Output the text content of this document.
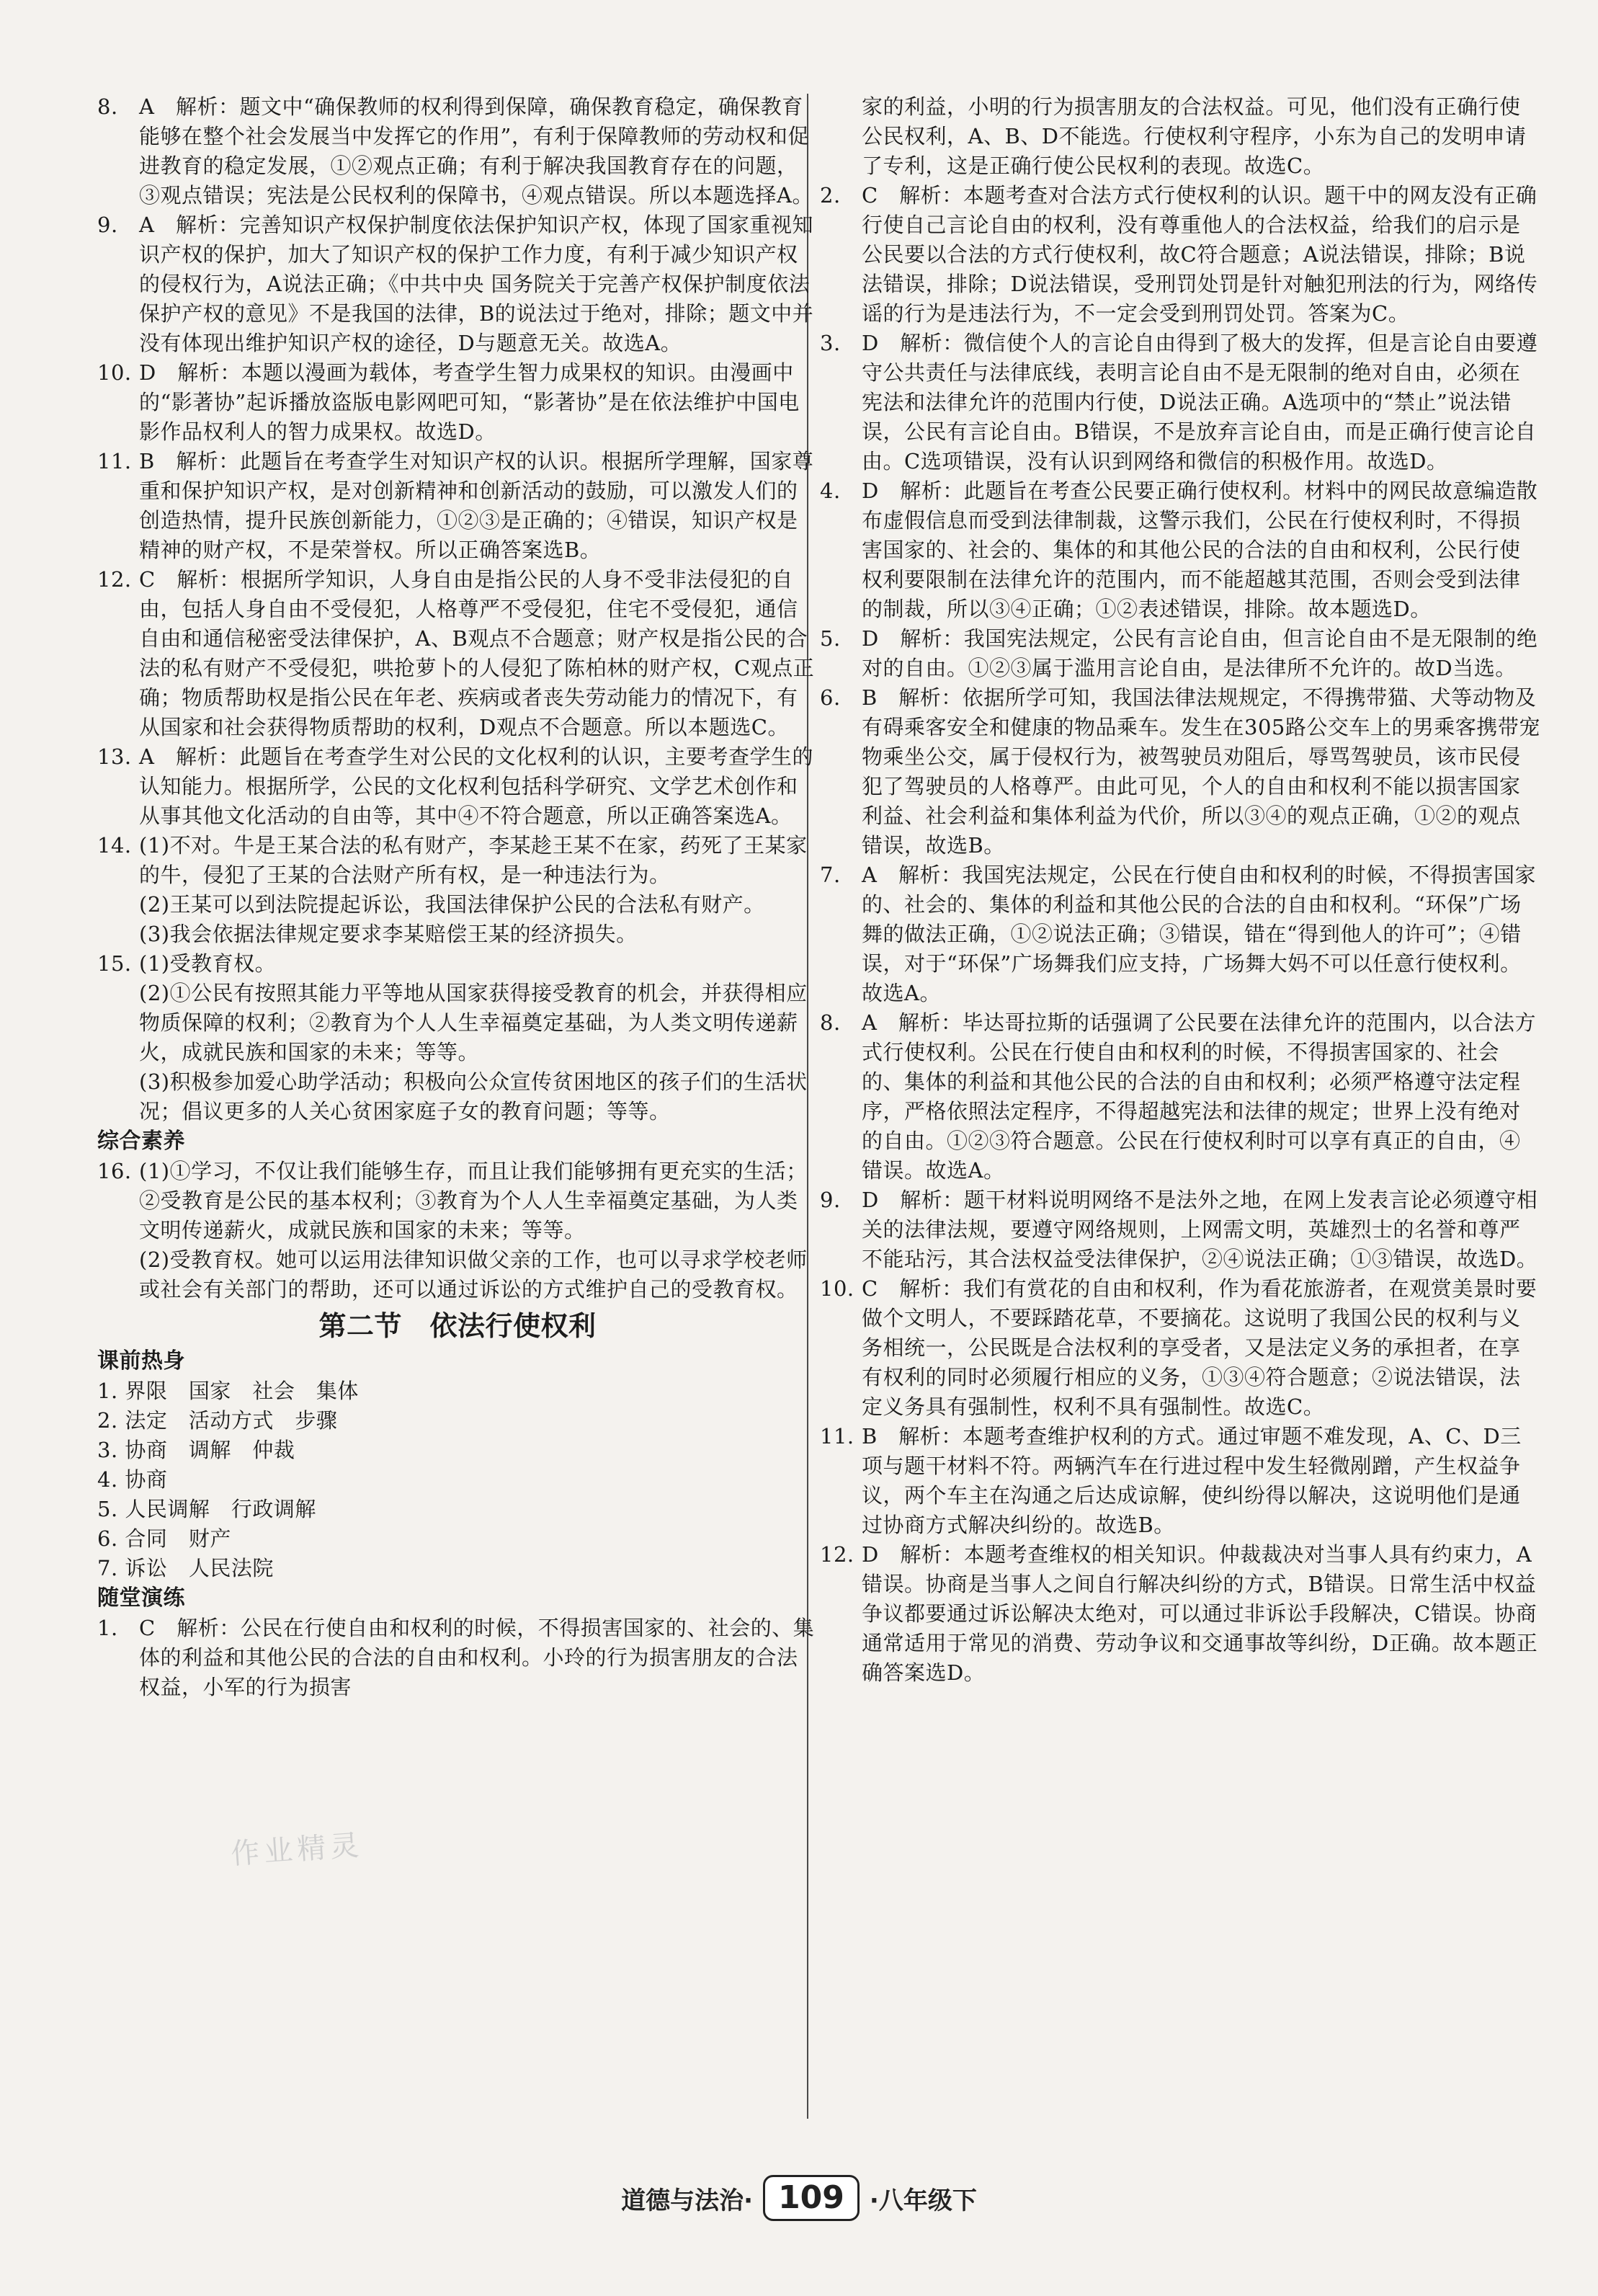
8. A　解析：题文中“确保教师的权利得到保障，确保教育稳定，确保教育能够在整个社会发展当中发挥它的作用”，有利于保障教师的劳动权和促进教育的稳定发展，①②观点正确；有利于解决我国教育存在的问题，③观点错误；宪法是公民权利的保障书，④观点错误。所以本题选择A。

9. A　解析：完善知识产权保护制度依法保护知识产权，体现了国家重视知识产权的保护，加大了知识产权的保护工作力度，有利于减少知识产权的侵权行为，A说法正确；《中共中央 国务院关于完善产权保护制度依法保护产权的意见》不是我国的法律，B的说法过于绝对，排除；题文中并没有体现出维护知识产权的途径，D与题意无关。故选A。

10. D　解析：本题以漫画为载体，考查学生智力成果权的知识。由漫画中的“影著协”起诉播放盗版电影网吧可知，“影著协”是在依法维护中国电影作品权利人的智力成果权。故选D。

11. B　解析：此题旨在考查学生对知识产权的认识。根据所学理解，国家尊重和保护知识产权，是对创新精神和创新活动的鼓励，可以激发人们的创造热情，提升民族创新能力，①②③是正确的；④错误，知识产权是精神的财产权，不是荣誉权。所以正确答案选B。

12. C　解析：根据所学知识，人身自由是指公民的人身不受非法侵犯的自由，包括人身自由不受侵犯，人格尊严不受侵犯，住宅不受侵犯，通信自由和通信秘密受法律保护，A、B观点不合题意；财产权是指公民的合法的私有财产不受侵犯，哄抢萝卜的人侵犯了陈柏林的财产权，C观点正确；物质帮助权是指公民在年老、疾病或者丧失劳动能力的情况下，有从国家和社会获得物质帮助的权利，D观点不合题意。所以本题选C。

13. A　解析：此题旨在考查学生对公民的文化权利的认识，主要考查学生的认知能力。根据所学，公民的文化权利包括科学研究、文学艺术创作和从事其他文化活动的自由等，其中④不符合题意，所以正确答案选A。

14. (1)不对。牛是王某合法的私有财产，李某趁王某不在家，药死了王某家的牛，侵犯了王某的合法财产所有权，是一种违法行为。

(2)王某可以到法院提起诉讼，我国法律保护公民的合法私有财产。

(3)我会依据法律规定要求李某赔偿王某的经济损失。

15. (1)受教育权。

(2)①公民有按照其能力平等地从国家获得接受教育的机会，并获得相应物质保障的权利；②教育为个人人生幸福奠定基础，为人类文明传递薪火，成就民族和国家的未来；等等。

(3)积极参加爱心助学活动；积极向公众宣传贫困地区的孩子们的生活状况；倡议更多的人关心贫困家庭子女的教育问题；等等。

综合素养

16. (1)①学习，不仅让我们能够生存，而且让我们能够拥有更充实的生活；②受教育是公民的基本权利；③教育为个人人生幸福奠定基础，为人类文明传递薪火，成就民族和国家的未来；等等。

(2)受教育权。她可以运用法律知识做父亲的工作，也可以寻求学校老师或社会有关部门的帮助，还可以通过诉讼的方式维护自己的受教育权。

第二节　依法行使权利

课前热身

1. 界限　国家　社会　集体

2. 法定　活动方式　步骤

3. 协商　调解　仲裁

4. 协商

5. 人民调解　行政调解

6. 合同　财产

7. 诉讼　人民法院

随堂演练

1. C　解析：公民在行使自由和权利的时候，不得损害国家的、社会的、集体的利益和其他公民的合法的自由和权利。小玲的行为损害朋友的合法权益，小军的行为损害

家的利益，小明的行为损害朋友的合法权益。可见，他们没有正确行使公民权利，A、B、D不能选。行使权利守程序，小东为自己的发明申请了专利，这是正确行使公民权利的表现。故选C。

2. C　解析：本题考查对合法方式行使权利的认识。题干中的网友没有正确行使自己言论自由的权利，没有尊重他人的合法权益，给我们的启示是公民要以合法的方式行使权利，故C符合题意；A说法错误，排除；B说法错误，排除；D说法错误，受刑罚处罚是针对触犯刑法的行为，网络传谣的行为是违法行为，不一定会受到刑罚处罚。答案为C。

3. D　解析：微信使个人的言论自由得到了极大的发挥，但是言论自由要遵守公共责任与法律底线，表明言论自由不是无限制的绝对自由，必须在宪法和法律允许的范围内行使，D说法正确。A选项中的“禁止”说法错误，公民有言论自由。B错误，不是放弃言论自由，而是正确行使言论自由。C选项错误，没有认识到网络和微信的积极作用。故选D。

4. D　解析：此题旨在考查公民要正确行使权利。材料中的网民故意编造散布虚假信息而受到法律制裁，这警示我们，公民在行使权利时，不得损害国家的、社会的、集体的和其他公民的合法的自由和权利，公民行使权利要限制在法律允许的范围内，而不能超越其范围，否则会受到法律的制裁，所以③④正确；①②表述错误，排除。故本题选D。

5. D　解析：我国宪法规定，公民有言论自由，但言论自由不是无限制的绝对的自由。①②③属于滥用言论自由，是法律所不允许的。故D当选。

6. B　解析：依据所学可知，我国法律法规规定，不得携带猫、犬等动物及有碍乘客安全和健康的物品乘车。发生在305路公交车上的男乘客携带宠物乘坐公交，属于侵权行为，被驾驶员劝阻后，辱骂驾驶员，该市民侵犯了驾驶员的人格尊严。由此可见，个人的自由和权利不能以损害国家利益、社会利益和集体利益为代价，所以③④的观点正确，①②的观点错误，故选B。

7. A　解析：我国宪法规定，公民在行使自由和权利的时候，不得损害国家的、社会的、集体的利益和其他公民的合法的自由和权利。“环保”广场舞的做法正确，①②说法正确；③错误，错在“得到他人的许可”；④错误，对于“环保”广场舞我们应支持，广场舞大妈不可以任意行使权利。故选A。

8. A　解析：毕达哥拉斯的话强调了公民要在法律允许的范围内，以合法方式行使权利。公民在行使自由和权利的时候，不得损害国家的、社会的、集体的利益和其他公民的合法的自由和权利；必须严格遵守法定程序，严格依照法定程序，不得超越宪法和法律的规定；世界上没有绝对的自由。①②③符合题意。公民在行使权利时可以享有真正的自由，④错误。故选A。

9. D　解析：题干材料说明网络不是法外之地，在网上发表言论必须遵守相关的法律法规，要遵守网络规则，上网需文明，英雄烈士的名誉和尊严不能玷污，其合法权益受法律保护，②④说法正确；①③错误，故选D。

10. C　解析：我们有赏花的自由和权利，作为看花旅游者，在观赏美景时要做个文明人，不要踩踏花草，不要摘花。这说明了我国公民的权利与义务相统一，公民既是合法权利的享受者，又是法定义务的承担者，在享有权利的同时必须履行相应的义务，①③④符合题意；②说法错误，法定义务具有强制性，权利不具有强制性。故选C。

11. B　解析：本题考查维护权利的方式。通过审题不难发现，A、C、D三项与题干材料不符。两辆汽车在行进过程中发生轻微剐蹭，产生权益争议，两个车主在沟通之后达成谅解，使纠纷得以解决，这说明他们是通过协商方式解决纠纷的。故选B。

12. D　解析：本题考查维权的相关知识。仲裁裁决对当事人具有约束力，A错误。协商是当事人之间自行解决纠纷的方式，B错误。日常生活中权益争议都要通过诉讼解决太绝对，可以通过非诉讼手段解决，C错误。协商通常适用于常见的消费、劳动争议和交通事故等纠纷，D正确。故本题正确答案选D。

作业精灵
道德与法治· 109	·八年级下
